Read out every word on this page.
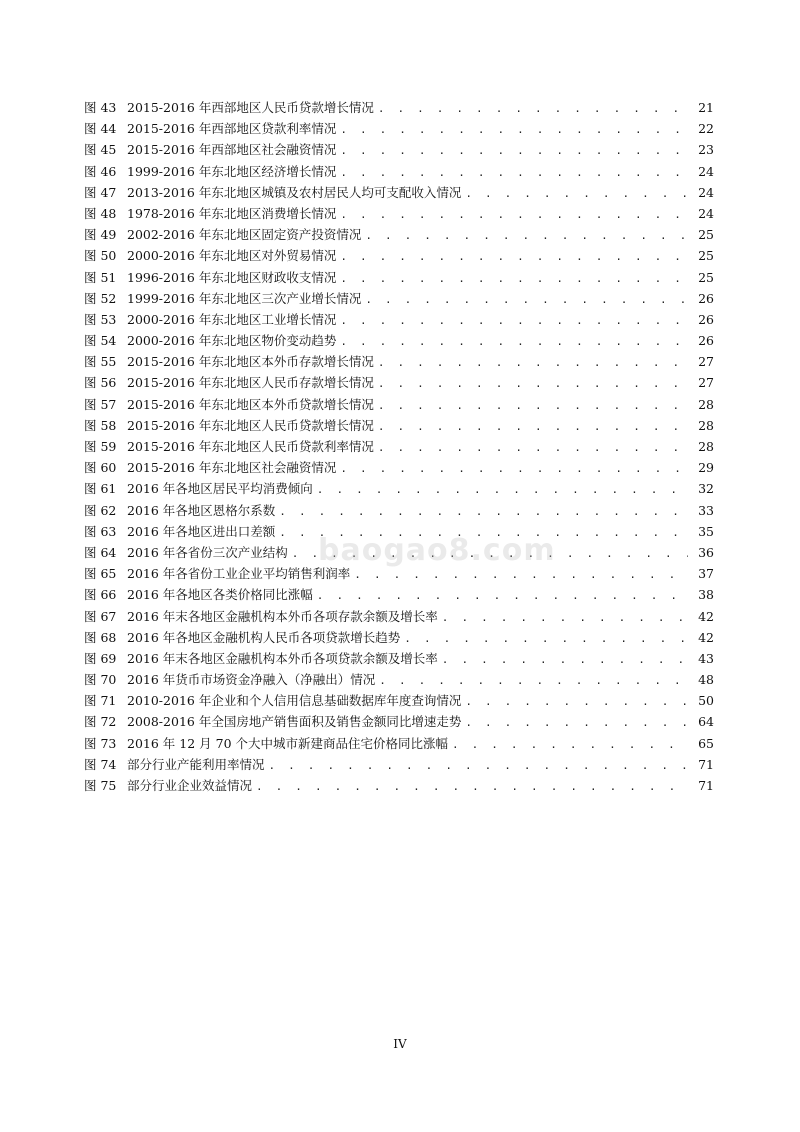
图 43 2015-2016 年西部地区人民币贷款增长情况 . . .	21
图 44 2015-2016 年西部地区贷款利率情况 . . .	22
图 45 2015-2016 年西部地区社会融资情况 . . .	23
图 46 1999-2016 年东北地区经济增长情况 . . .	24
图 47 2013-2016 年东北地区城镇及农村居民人均可支配收入情况 . . .	24
图 48 1978-2016 年东北地区消费增长情况 . . .	24
图 49 2002-2016 年东北地区固定资产投资情况 . . .	25
图 50 2000-2016 年东北地区对外贸易情况 . . .	25
图 51 1996-2016 年东北地区财政收支情况 . . .	25
图 52 1999-2016 年东北地区三次产业增长情况 . . .	26
图 53 2000-2016 年东北地区工业增长情况 . . .	26
图 54 2000-2016 年东北地区物价变动趋势 . . .	26
图 55 2015-2016 年东北地区本外币存款增长情况 . . .	27
图 56 2015-2016 年东北地区人民币存款增长情况 . . .	27
图 57 2015-2016 年东北地区本外币贷款增长情况 . . .	28
图 58 2015-2016 年东北地区人民币贷款增长情况 . . .	28
图 59 2015-2016 年东北地区人民币贷款利率情况 . . .	28
图 60 2015-2016 年东北地区社会融资情况 . . .	29
图 61 2016 年各地区居民平均消费倾向 . . .	32
图 62 2016 年各地区恩格尔系数 . . .	33
图 63 2016 年各地区进出口差额 . . .	35
图 64 2016 年各省份三次产业结构 . . .	36
图 65 2016 年各省份工业企业平均销售利润率 . . .	37
图 66 2016 年各地区各类价格同比涨幅 . . .	38
图 67 2016 年末各地区金融机构本外币各项存款余额及增长率 . . .	42
图 68 2016 年各地区金融机构人民币各项贷款增长趋势 . . .	42
图 69 2016 年末各地区金融机构本外币各项贷款余额及增长率 . . .	43
图 70 2016 年货币市场资金净融入（净融出）情况 . . .	48
图 71 2010-2016 年企业和个人信用信息基础数据库年度查询情况 . . .	50
图 72 2008-2016 年全国房地产销售面积及销售金额同比增速走势 . . .	64
图 73 2016 年 12 月 70 个大中城市新建商品住宅价格同比涨幅 . . .	65
图 74 部分行业产能利用率情况 . . .	71
图 75 部分行业企业效益情况 . . .	71
baogao8.com
IV
